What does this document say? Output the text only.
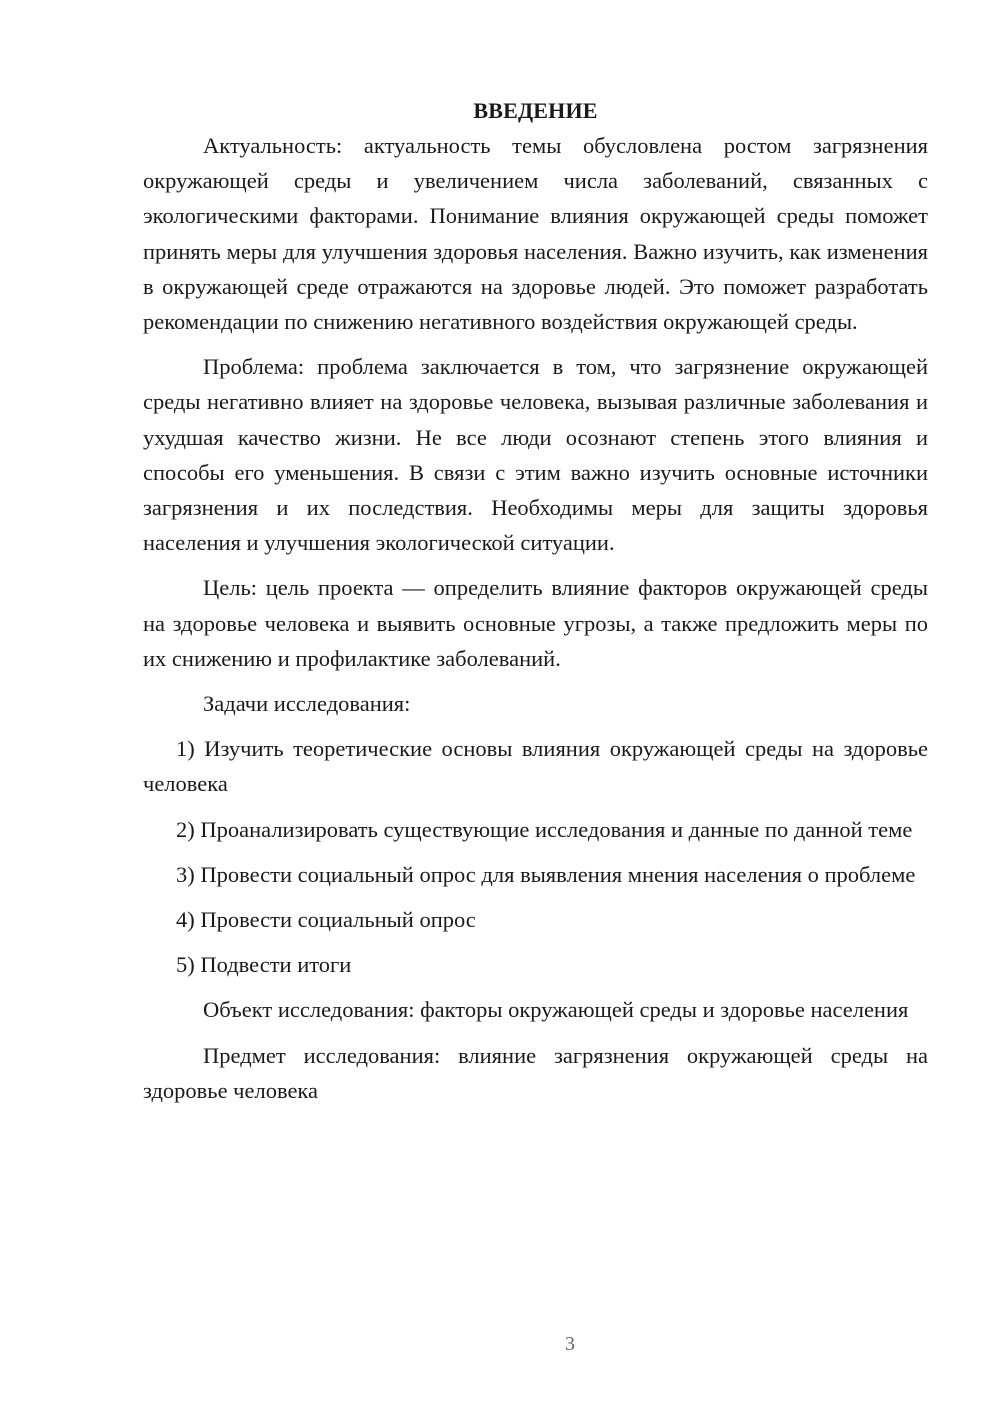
ВВЕДЕНИЕ

Актуальность: актуальность темы обусловлена ростом загрязнения окружающей среды и увеличением числа заболеваний, связанных с экологическими факторами. Понимание влияния окружающей среды поможет принять меры для улучшения здоровья населения. Важно изучить, как изменения в окружающей среде отражаются на здоровье людей. Это поможет разработать рекомендации по снижению негативного воздействия окружающей среды.

Проблема: проблема заключается в том, что загрязнение окружающей среды негативно влияет на здоровье человека, вызывая различные заболевания и ухудшая качество жизни. Не все люди осознают степень этого влияния и способы его уменьшения. В связи с этим важно изучить основные источники загрязнения и их последствия. Необходимы меры для защиты здоровья населения и улучшения экологической ситуации.

Цель: цель проекта — определить влияние факторов окружающей среды на здоровье человека и выявить основные угрозы, а также предложить меры по их снижению и профилактике заболеваний.

Задачи исследования:

1) Изучить теоретические основы влияния окружающей среды на здоровье человека

2) Проанализировать существующие исследования и данные по данной теме

3) Провести социальный опрос для выявления мнения населения о проблеме

4) Провести социальный опрос

5) Подвести итоги

Объект исследования: факторы окружающей среды и здоровье населения

Предмет исследования: влияние загрязнения окружающей среды на здоровье человека

3
